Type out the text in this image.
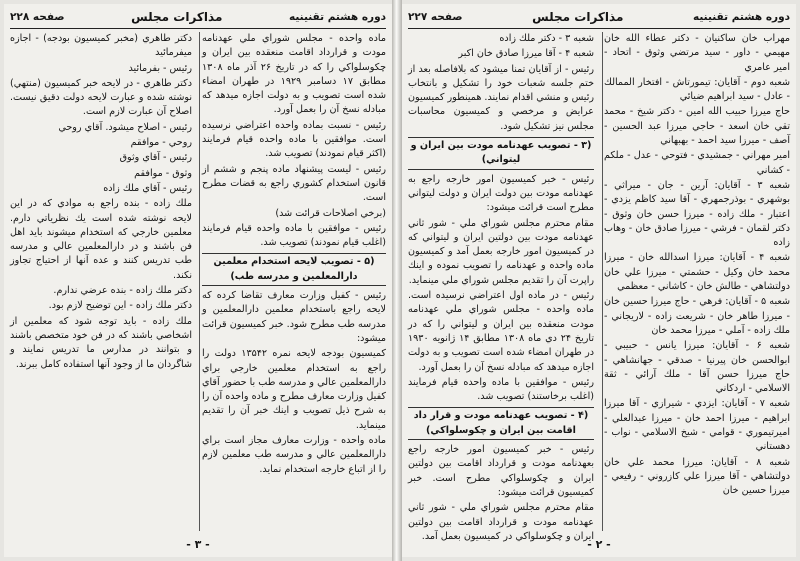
دوره هشتم تقنينيه
مذاكرات مجلس
صفحه ۲۲۸

ماده واحده - مجلس شوراي ملي عهدنامه مودت و قرارداد اقامت منعقده بين ايران و چكوسلواكي را كه در تاريخ ۲۶ آذر ماه ۱۳۰۸ مطابق ۱۷ دسامبر ۱۹۲۹ در طهران امضاء شده است تصويب و به دولت اجازه ميدهد كه مبادله نسخ آن را بعمل آورد.

رئيس - نسبت بماده واحده اعتراضي نرسيده است. موافقين با ماده واحده قيام فرمايند (اكثر قيام نمودند) تصويب شد.

رئيس - ليست پيشنهاد ماده پنجم و ششم از قانون استخدام كشوري راجع به قضات مطرح است.

(برخي اصلاحات قرائت شد)

رئيس - موافقين با ماده واحده قيام فرمايند (اغلب قيام نمودند) تصويب شد.

(۵ - تصويب لايحه استخدام معلمين دارالمعلمين و مدرسه طب)

رئيس - كفيل وزارت معارف تقاضا كرده كه لايحه راجع باستخدام معلمين دارالمعلمين و مدرسه طب مطرح شود. خبر كميسيون قرائت ميشود:

كميسيون بودجه لايحه نمره ۱۳۵۴۲ دولت را راجع به استخدام معلمين خارجي براي دارالمعلمين عالي و مدرسه طب با حضور آقاي كفيل وزارت معارف مطرح و ماده واحده آن را به شرح ذيل تصويب و اينك خبر آن را تقديم مينمايد.

ماده واحده - وزارت معارف مجاز است براي دارالمعلمين عالي و مدرسه طب معلمين لازم را از اتباع خارجه استخدام نمايد.

دكتر طاهري (مخبر كميسيون بودجه) - اجازه ميفرمائيد

رئيس - بفرمائيد

دكتر طاهري - در لايحه خبر كميسيون (منتهي) نوشته شده و عبارت لايحه دولت دقيق نيست. اصلاح آن عبارت لازم است.

رئيس - اصلاح ميشود. آقاي روحي

روحي - موافقم

رئيس - آقاي وثوق

وثوق - موافقم

رئيس - آقاي ملك زاده

ملك زاده - بنده راجع به موادي كه در اين لايحه نوشته شده است يك نظرياتي دارم. معلمين خارجي كه استخدام ميشوند بايد اهل فن باشند و در دارالمعلمين عالي و مدرسه طب تدريس كنند و عده آنها از احتياج تجاوز نكند.

دكتر ملك زاده - بنده عرضي ندارم.

دكتر ملك زاده - اين توضيح لازم بود.

ملك زاده - بايد توجه شود كه معلمين از اشخاصي باشند كه در فن خود متخصص باشند و بتوانند در مدارس ما تدريس نمايند و شاگردان ما از وجود آنها استفاده كامل ببرند.

- ۳ -
دوره هشتم تقنينيه
مذاكرات مجلس
صفحه ۲۲۷

مهراب خان ساكنيان - دكتر عطاء الله خان مهيمي - داور - سيد مرتضي وثوق - اتحاد - امير عامري

شعبه دوم - آقايان: تيمورتاش - افتخار الممالك - عادل - سيد ابراهيم ضيائي

حاج ميرزا حبيب الله امين - دكتر شيخ - محمد تقي خان اسعد - حاجي ميرزا عبد الحسين - آصف - ميرزا سيد احمد - بهبهاني

امير مهراني - جمشيدي - فتوحي - عدل - ملكم - كشاني

شعبه ۳ - آقايان: آرين - جان - ميراثي - بوشهري - بوذرجمهري - آقا سيد كاظم يزدي - اعتبار - ملك زاده - ميرزا حسن خان وثوق - دكتر لقمان - فرشي - ميرزا صادق خان - وهاب زاده

شعبه ۴ - آقايان: ميرزا اسدالله خان - ميرزا محمد خان وكيل - حشمتي - ميرزا علي خان دولتشاهي - طالش خان - كاشاني - معظمي

شعبه ۵ - آقايان: فرهي - حاج ميرزا حسين خان - ميرزا طاهر خان - شريعت زاده - لاريجاني - ملك زاده - آملي - ميرزا محمد خان

شعبه ۶ - آقايان: ميرزا يانس - حبيبي - ابوالحسن خان پيرنيا - صدقي - جهانشاهي - حاج ميرزا حسن آقا - ملك آرائي - ثقة الاسلامي - اردكاني

شعبه ۷ - آقايان: ايزدي - شيرازي - آقا ميرزا ابراهيم - ميرزا احمد خان - ميرزا عبدالعلي - اميرتيموري - قوامي - شيخ الاسلامي - نواب - دهستاني

شعبه ۸ - آقايان: ميرزا محمد علي خان دولتشاهي - آقا ميرزا علي كازروني - رفيعي - ميرزا حسين خان

شعبه ۳ - دكتر ملك زاده

شعبه ۴ - آقا ميرزا صادق خان اكبر

رئيس - از آقايان تمنا ميشود كه بلافاصله بعد از ختم جلسه شعبات خود را تشكيل و بانتخاب رئيس و منشي اقدام نمايند. همينطور كميسيون عرايض و مرخصي و كميسيون محاسبات مجلس نيز تشكيل شود.

(۳ - تصويب عهدنامه مودت بين ايران و ليتواني)

رئيس - خبر كميسيون امور خارجه راجع به عهدنامه مودت بين دولت ايران و دولت ليتواني مطرح است قرائت ميشود:

مقام محترم مجلس شوراي ملي - شور ثاني عهدنامه مودت بين دولتين ايران و ليتواني كه در كميسيون امور خارجه بعمل آمد و كميسيون ماده واحده و عهدنامه را تصويب نموده و اينك راپرت آن را تقديم مجلس شوراي ملي مينمايد.

رئيس - در ماده اول اعتراضي نرسيده است. ماده واحده - مجلس شوراي ملي عهدنامه مودت منعقده بين ايران و ليتواني را كه در تاريخ ۲۴ دي ماه ۱۳۰۸ مطابق ۱۴ ژانويه ۱۹۳۰ در طهران امضاء شده است تصويب و به دولت اجازه ميدهد كه مبادله نسخ آن را بعمل آورد.

رئيس - موافقين با ماده واحده قيام فرمايند (اغلب برخاستند) تصويب شد.

(۴ - تصويب عهدنامه مودت و قرار داد اقامت بين ايران و چكوسلواكي)

رئيس - خبر كميسيون امور خارجه راجع بعهدنامه مودت و قرارداد اقامت بين دولتين ايران و چكوسلواكي مطرح است. خبر كميسيون قرائت ميشود:

مقام محترم مجلس شوراي ملي - شور ثاني عهدنامه مودت و قرارداد اقامت بين دولتين ايران و چكوسلواكي در كميسيون بعمل آمد.

- ۲ -
